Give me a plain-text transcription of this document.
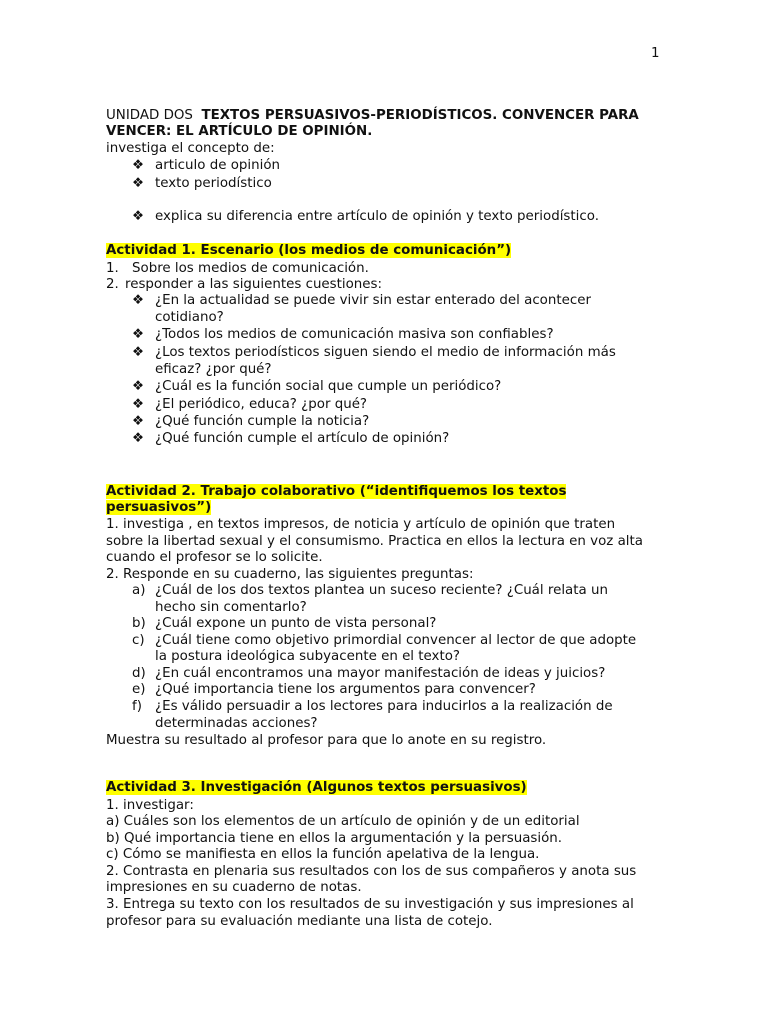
1
UNIDAD DOS TEXTOS PERSUASIVOS-PERIODÍSTICOS. CONVENCER PARA
VENCER: EL ARTÍCULO DE OPINIÓN.
investiga el concepto de:
❖ articulo de opinión
❖ texto periodístico
❖ explica su diferencia entre artículo de opinión y texto periodístico.
Actividad 1. Escenario (los medios de comunicación”)
1. Sobre los medios de comunicación.
2. responder a las siguientes cuestiones:
❖ ¿En la actualidad se puede vivir sin estar enterado del acontecer
cotidiano?
❖ ¿Todos los medios de comunicación masiva son confiables?
❖ ¿Los textos periodísticos siguen siendo el medio de información más
eficaz? ¿por qué?
❖ ¿Cuál es la función social que cumple un periódico?
❖ ¿El periódico, educa? ¿por qué?
❖ ¿Qué función cumple la noticia?
❖ ¿Qué función cumple el artículo de opinión?
Actividad 2. Trabajo colaborativo (“identifiquemos los textos
persuasivos”)
1. investiga , en textos impresos, de noticia y artículo de opinión que traten
sobre la libertad sexual y el consumismo. Practica en ellos la lectura en voz alta
cuando el profesor se lo solicite.
2. Responde en su cuaderno, las siguientes preguntas:
a) ¿Cuál de los dos textos plantea un suceso reciente? ¿Cuál relata un
hecho sin comentarlo?
b) ¿Cuál expone un punto de vista personal?
c) ¿Cuál tiene como objetivo primordial convencer al lector de que adopte
la postura ideológica subyacente en el texto?
d) ¿En cuál encontramos una mayor manifestación de ideas y juicios?
e) ¿Qué importancia tiene los argumentos para convencer?
f) ¿Es válido persuadir a los lectores para inducirlos a la realización de
determinadas acciones?
Muestra su resultado al profesor para que lo anote en su registro.
Actividad 3. Investigación (Algunos textos persuasivos)
1. investigar:
a) Cuáles son los elementos de un artículo de opinión y de un editorial
b) Qué importancia tiene en ellos la argumentación y la persuasión.
c) Cómo se manifiesta en ellos la función apelativa de la lengua.
2. Contrasta en plenaria sus resultados con los de sus compañeros y anota sus
impresiones en su cuaderno de notas.
3. Entrega su texto con los resultados de su investigación y sus impresiones al
profesor para su evaluación mediante una lista de cotejo.
